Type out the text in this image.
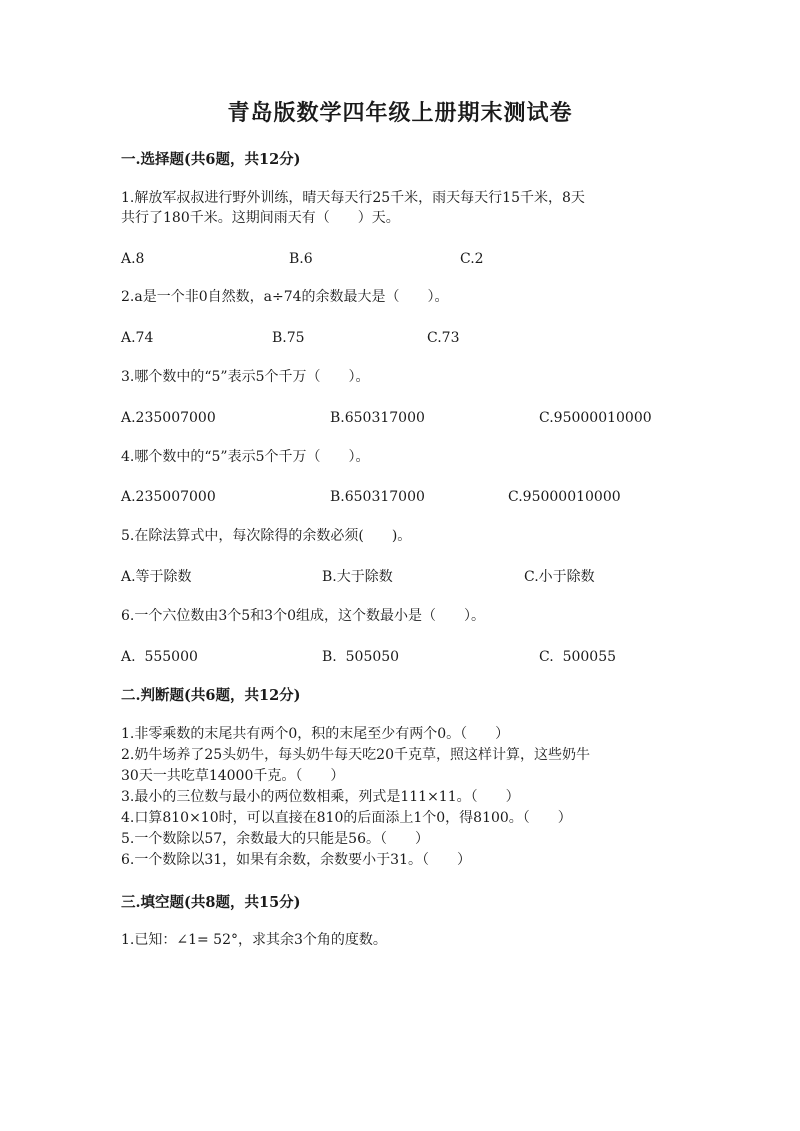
青岛版数学四年级上册期末测试卷
一.选择题(共6题，共12分)
1.解放军叔叔进行野外训练，晴天每天行25千米，雨天每天行15千米，8天
共行了180千米。这期间雨天有（　　）天。
A.8	B.6	C.2
2.a是一个非0自然数，a÷74的余数最大是（　　）。
A.74	B.75	C.73
3.哪个数中的“5”表示5个千万（　　）。
A.235007000	B.650317000	C.95000010000
4.哪个数中的“5”表示5个千万（　　）。
A.235007000	B.650317000	C.95000010000
5.在除法算式中，每次除得的余数必须(　　)。
A.等于除数	B.大于除数	C.小于除数
6.一个六位数由3个5和3个0组成，这个数最小是（　　）。
A.  555000	B.  505050	C.  500055
二.判断题(共6题，共12分)
1.非零乘数的末尾共有两个0，积的末尾至少有两个0。（　　）
2.奶牛场养了25头奶牛，每头奶牛每天吃20千克草，照这样计算，这些奶牛
30天一共吃草14000千克。（　　）
3.最小的三位数与最小的两位数相乘，列式是111×11。（　　）
4.口算810×10时，可以直接在810的后面添上1个0，得8100。（　　）
5.一个数除以57，余数最大的只能是56。（　　）
6.一个数除以31，如果有余数，余数要小于31。（　　）
三.填空题(共8题，共15分)
1.已知：∠1= 52°，求其余3个角的度数。
